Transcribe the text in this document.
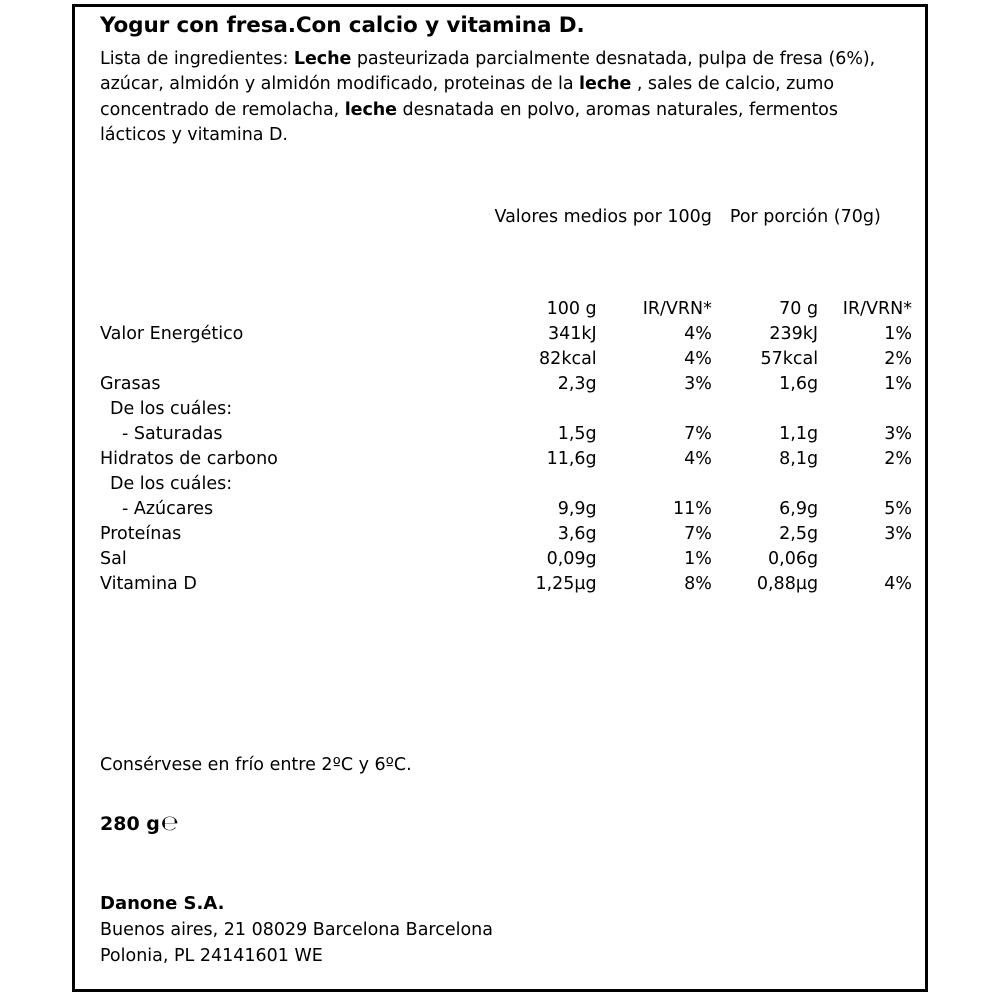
Yogur con fresa.Con calcio y vitamina D.

Lista de ingredientes: Leche pasteurizada parcialmente desnatada, pulpa de fresa (6%), azúcar, almidón y almidón modificado, proteinas de la leche , sales de calcio, zumo concentrado de remolacha, leche desnatada en polvo, aromas naturales, fermentos lácticos y vitamina D.

	Valores medios por 100g		Por porción (70g)	

	100 g	IR/VRN*	70 g	IR/VRN*
Valor Energético	341kJ	4%	239kJ	1%
	82kcal	4%	57kcal	2%
Grasas	2,3g	3%	1,6g	1%
De los cuáles:				
- Saturadas	1,5g	7%	1,1g	3%
Hidratos de carbono	11,6g	4%	8,1g	2%
De los cuáles:				
- Azúcares	9,9g	11%	6,9g	5%
Proteínas	3,6g	7%	2,5g	3%
Sal	0,09g	1%	0,06g	
Vitamina D	1,25µg	8%	0,88µg	4%
Consérvese en frío entre 2ºC y 6ºC.
280 g℮
Danone S.A.
Buenos aires, 21 08029 Barcelona Barcelona
Polonia, PL 24141601 WE
